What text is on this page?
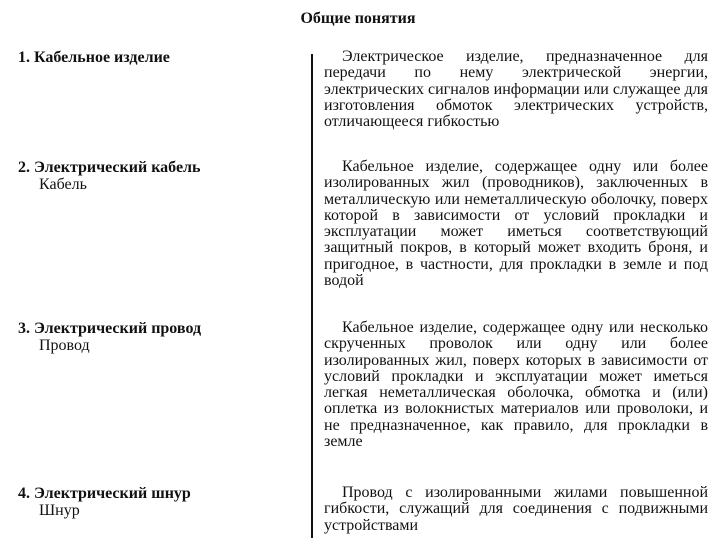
Общие понятия
1. Кабельное изделие	Электрическое изделие, предназначенное для передачи по нему электрической энергии, электрических сигналов информации или служащее для изготовления обмоток электрических устройств, отличающееся гибкостью
2. Электрический кабель
Кабель
Кабельное изделие, содержащее одну или более изолированных жил (проводников), заключенных в металлическую или неметаллическую оболочку, поверх которой в зависимости от условий прокладки и эксплуатации может иметься соответствующий защитный покров, в который может входить броня, и пригодное, в частности, для прокладки в земле и под водой
3. Электрический провод
Провод
Кабельное изделие, содержащее одну или несколько скрученных проволок или одну или более изолированных жил, поверх которых в зависимости от условий прокладки и эксплуатации может иметься легкая неметаллическая оболочка, обмотка и (или) оплетка из волокнистых материалов или проволоки, и не предназначенное, как правило, для прокладки в земле
4. Электрический шнур
Шнур
Провод с изолированными жилами повышенной гибкости, служащий для соединения с подвижными устройствами
